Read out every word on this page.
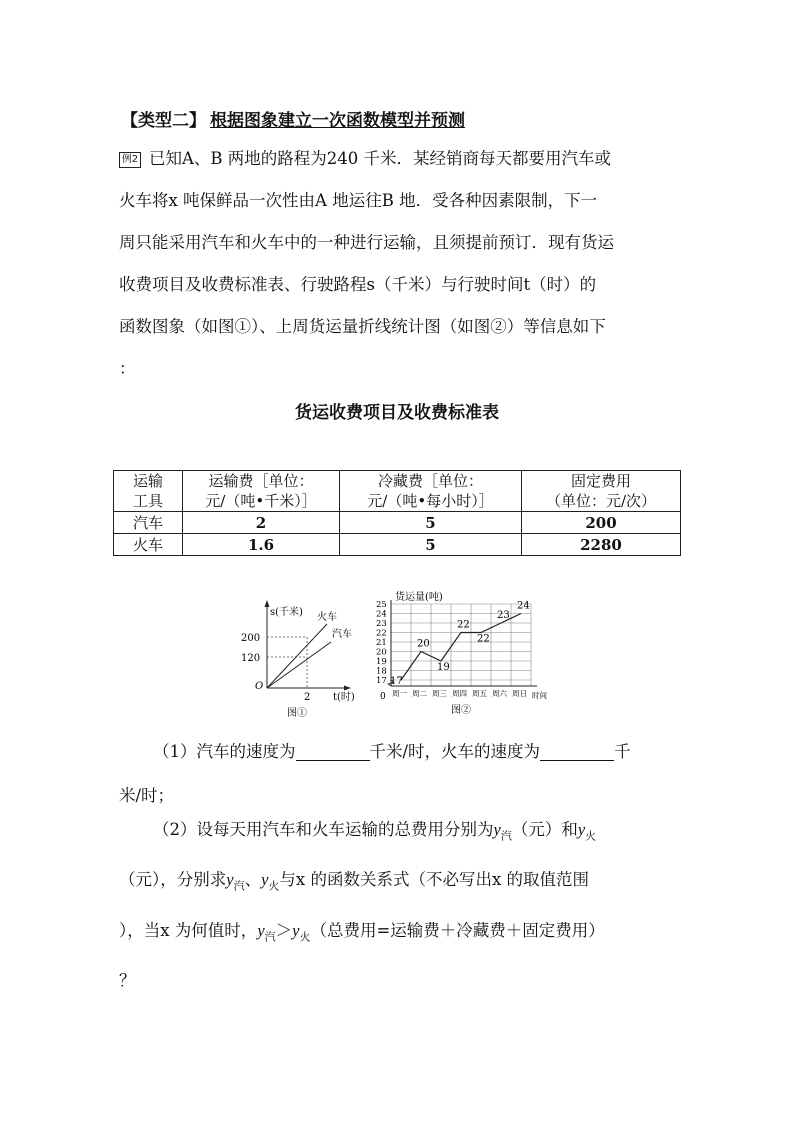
【类型二】 根据图象建立一次函数模型并预测
例2 已知A、B 两地的路程为240 千米．某经销商每天都要用汽车或
火车将x 吨保鲜品一次性由A 地运往B 地．受各种因素限制，下一
周只能采用汽车和火车中的一种进行运输，且须提前预订．现有货运
收费项目及收费标准表、行驶路程s（千米）与行驶时间t（时）的
函数图象（如图①）、上周货运量折线统计图（如图②）等信息如下
：
货运收费项目及收费标准表
运输
工具	运输费［单位：
元/（吨•千米）］	冷藏费［单位：
元/（吨•每小时）］	固定费用
（单位：元/次）
汽车	2	5	200
火车	1.6	5	2280
s(千米) 火车
汽车
200
120
O
2 t(时)
图①
17
18
19
20
21
22
23
24
25
周一 周二 周三 周四 周五 周六 周日
17
20
19
22
22
23
24
货运量(吨)
0	时间
图②
（1）汽车的速度为	千米/时，火车的速度为	千
米/时；
（2）设每天用汽车和火车运输的总费用分别为$y_汽$（元）和$y_火$
（元），分别求$y_汽$、$y_火$与x 的函数关系式（不必写出x 的取值范围
），当x 为何值时，$y_汽>y_火$（总费用=运输费＋冷藏费＋固定费用）
？
